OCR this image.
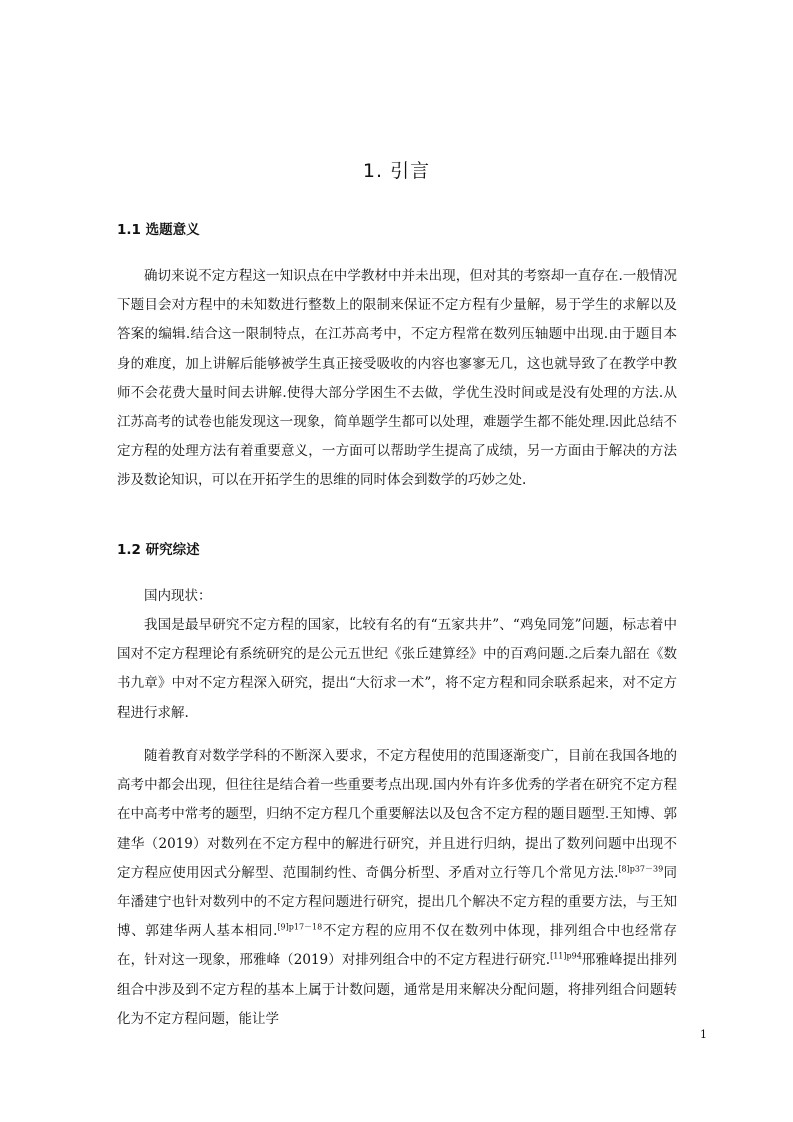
1. 引言
1.1 选题意义

确切来说不定方程这一知识点在中学教材中并未出现，但对其的考察却一直存在.一般情况下题目会对方程中的未知数进行整数上的限制来保证不定方程有少量解，易于学生的求解以及答案的编辑.结合这一限制特点，在江苏高考中，不定方程常在数列压轴题中出现.由于题目本身的难度，加上讲解后能够被学生真正接受吸收的内容也寥寥无几，这也就导致了在教学中教师不会花费大量时间去讲解.使得大部分学困生不去做，学优生没时间或是没有处理的方法.从江苏高考的试卷也能发现这一现象，简单题学生都可以处理，难题学生都不能处理.因此总结不定方程的处理方法有着重要意义，一方面可以帮助学生提高了成绩，另一方面由于解决的方法涉及数论知识，可以在开拓学生的思维的同时体会到数学的巧妙之处.

1.2 研究综述

国内现状：

我国是最早研究不定方程的国家，比较有名的有“五家共井”、“鸡兔同笼”问题，标志着中国对不定方程理论有系统研究的是公元五世纪《张丘建算经》中的百鸡问题.之后秦九韶在《数书九章》中对不定方程深入研究，提出“大衍求一术”，将不定方程和同余联系起来，对不定方程进行求解.

随着教育对数学学科的不断深入要求，不定方程使用的范围逐渐变广，目前在我国各地的高考中都会出现，但往往是结合着一些重要考点出现.国内外有许多优秀的学者在研究不定方程在中高考中常考的题型，归纳不定方程几个重要解法以及包含不定方程的题目题型.王知博、郭建华（2019）对数列在不定方程中的解进行研究，并且进行归纳，提出了数列问题中出现不定方程应使用因式分解型、范围制约性、奇偶分析型、矛盾对立行等几个常见方法.$^{[8]p37-39}$同年潘建宁也针对数列中的不定方程问题进行研究，提出几个解决不定方程的重要方法，与王知博、郭建华两人基本相同.$^{[9]p17-18}$不定方程的应用不仅在数列中体现，排列组合中也经常存在，针对这一现象，邢雅峰（2019）对排列组合中的不定方程进行研究.$^{[11]p94}$邢雅峰提出排列组合中涉及到不定方程的基本上属于计数问题，通常是用来解决分配问题，将排列组合问题转化为不定方程问题，能让学

1
